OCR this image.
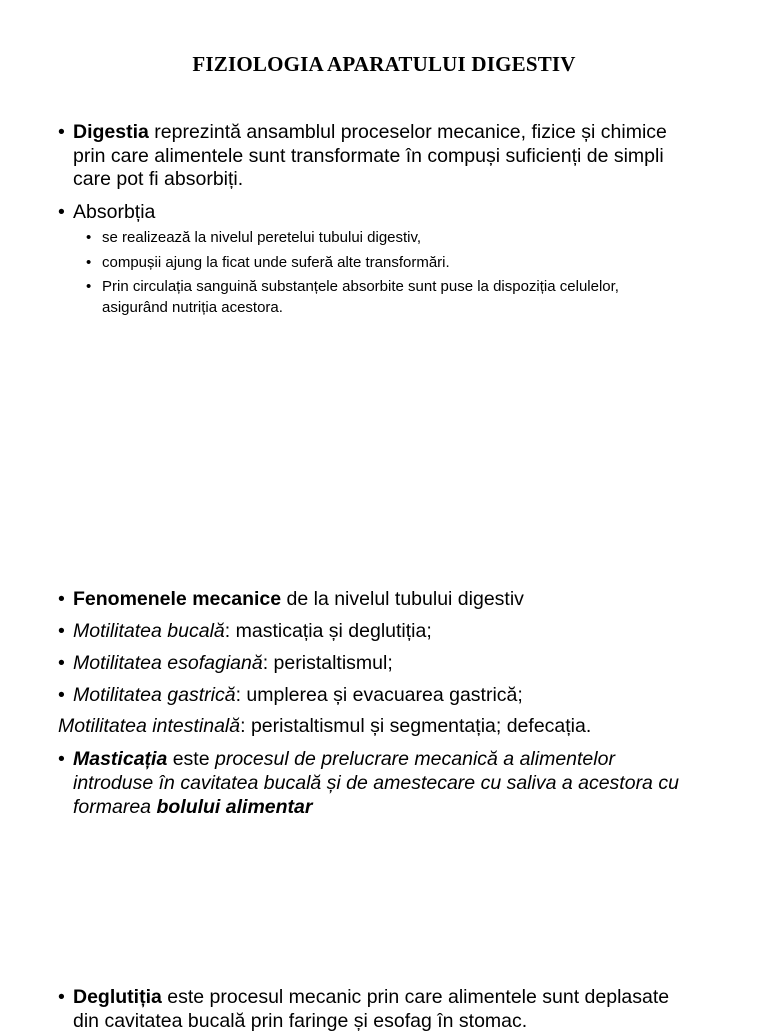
FIZIOLOGIA APARATULUI DIGESTIV
• Digestia reprezintă ansamblul proceselor mecanice, fizice și chimice
prin care alimentele sunt transformate în compuși suficienți de simpli
care pot fi absorbiți.
• Absorbția
• se realizează la nivelul peretelui tubului digestiv,
• compușii ajung la ficat unde suferă alte transformări.
• Prin circulația sanguină substanțele absorbite sunt puse la dispoziția celulelor,
asigurând nutriția acestora.
• Fenomenele mecanice de la nivelul tubului digestiv
• Motilitatea bucală: masticația și deglutiția;
• Motilitatea esofagiană: peristaltismul;
• Motilitatea gastrică: umplerea și evacuarea gastrică;
Motilitatea intestinală: peristaltismul și segmentația; defecația.
• Masticația este procesul de prelucrare mecanică a alimentelor
introduse în cavitatea bucală și de amestecare cu saliva a acestora cu
formarea bolului alimentar
• Deglutiția este procesul mecanic prin care alimentele sunt deplasate
din cavitatea bucală prin faringe și esofag în stomac.
